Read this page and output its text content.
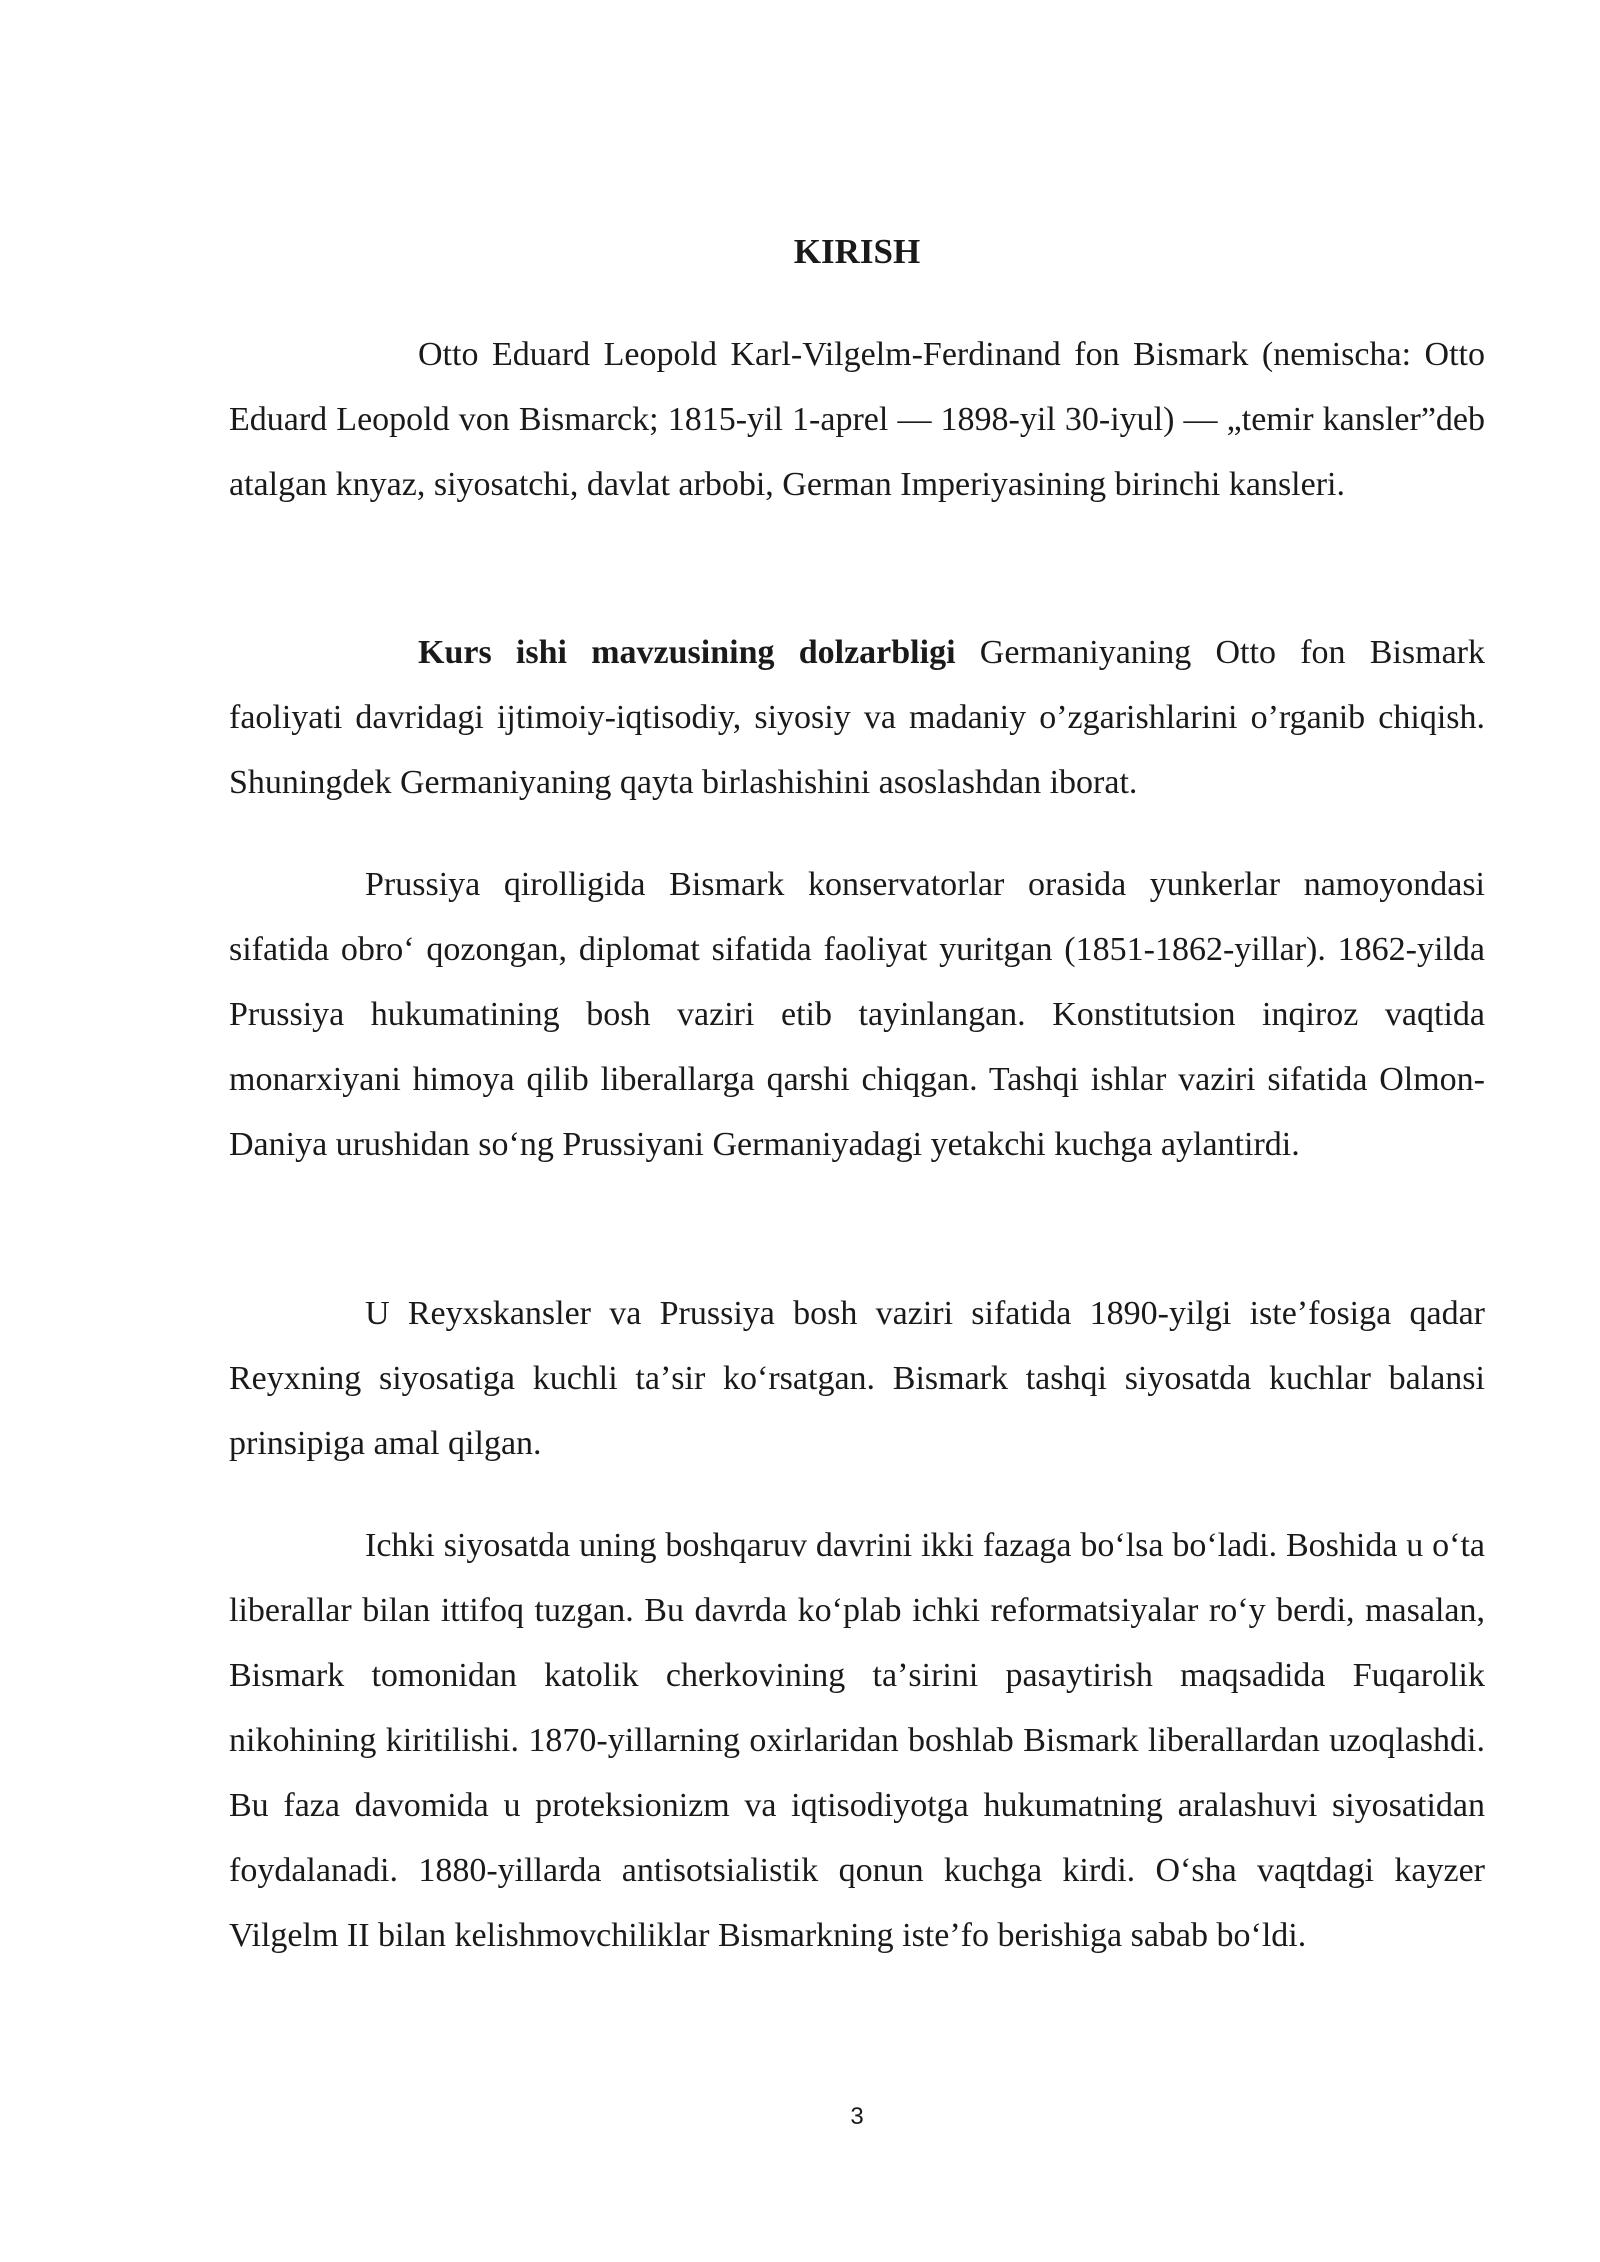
KIRISH

Otto Eduard Leopold Karl-Vilgelm-Ferdinand fon Bismark (nemischa: Otto Eduard Leopold von Bismarck; 1815-yil 1-aprel — 1898-yil 30-iyul) — „temir kansler”deb atalgan knyaz, siyosatchi, davlat arbobi, German Imperiyasining birinchi kansleri.

Kurs ishi mavzusining dolzarbligi Germaniyaning Otto fon Bismark faoliyati davridagi ijtimoiy-iqtisodiy, siyosiy va madaniy o’zgarishlarini o’rganib chiqish. Shuningdek Germaniyaning qayta birlashishini asoslashdan iborat.

Prussiya qirolligida Bismark konservatorlar orasida yunkerlar namoyondasi sifatida obroʻ qozongan, diplomat sifatida faoliyat yuritgan (1851-1862-yillar). 1862-yilda Prussiya hukumatining bosh vaziri etib tayinlangan. Konstitutsion inqiroz vaqtida monarxiyani himoya qilib liberallarga qarshi chiqgan. Tashqi ishlar vaziri sifatida Olmon-Daniya urushidan soʻng Prussiyani Germaniyadagi yetakchi kuchga aylantirdi.

U Reyxskansler va Prussiya bosh vaziri sifatida 1890-yilgi isteʼfosiga qadar Reyxning siyosatiga kuchli taʼsir koʻrsatgan. Bismark tashqi siyosatda kuchlar balansi prinsipiga amal qilgan.

Ichki siyosatda uning boshqaruv davrini ikki fazaga boʻlsa boʻladi. Boshida u oʻta liberallar bilan ittifoq tuzgan. Bu davrda koʻplab ichki reformatsiyalar roʻy berdi, masalan, Bismark tomonidan katolik cherkovining taʼsirini pasaytirish maqsadida Fuqarolik nikohining kiritilishi. 1870-yillarning oxirlaridan boshlab Bismark liberallardan uzoqlashdi. Bu faza davomida u proteksionizm va iqtisodiyotga hukumatning aralashuvi siyosatidan foydalanadi. 1880-yillarda antisotsialistik qonun kuchga kirdi. Oʻsha vaqtdagi kayzer Vilgelm II bilan kelishmovchiliklar Bismarkning isteʼfo berishiga sabab boʻldi.

3
